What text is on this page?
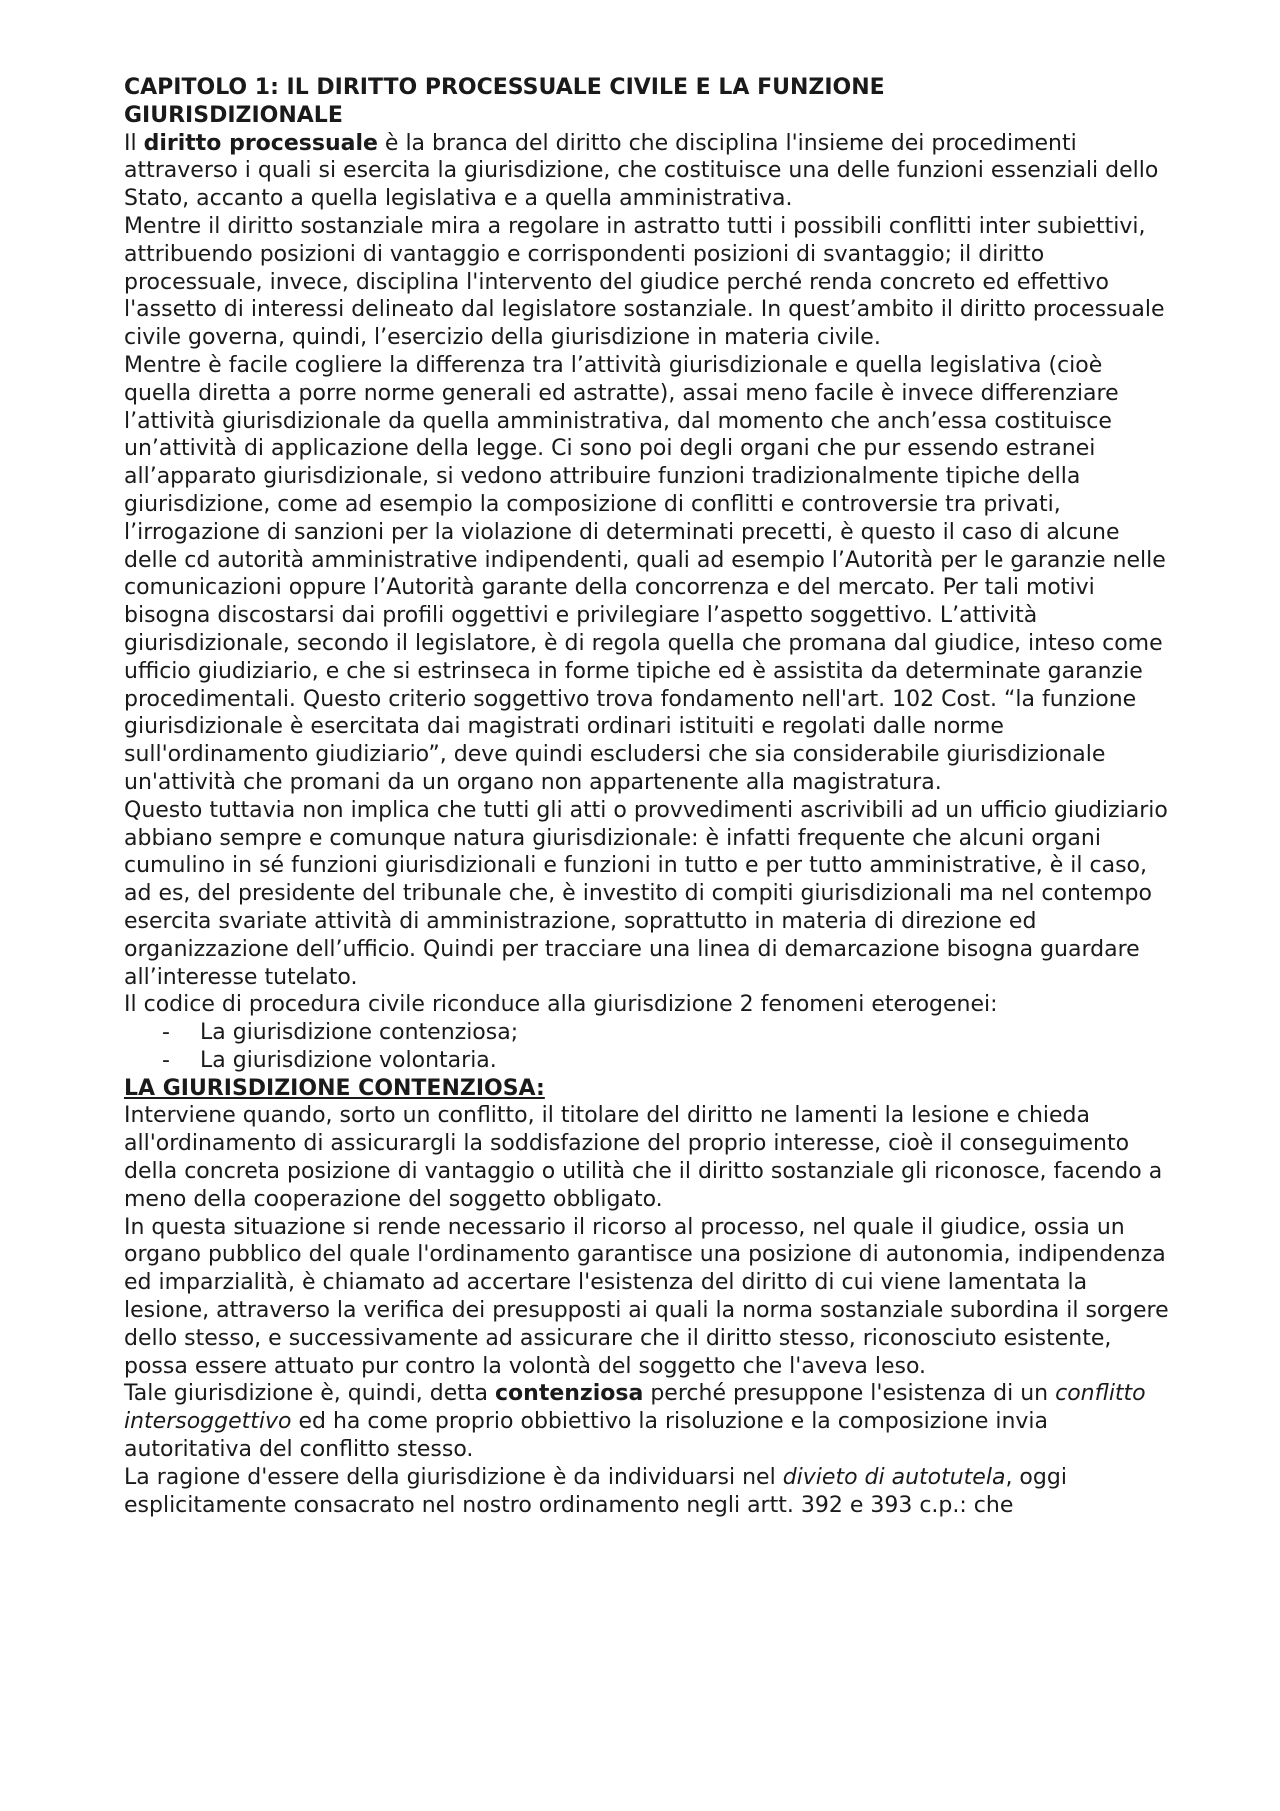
CAPITOLO 1: IL DIRITTO PROCESSUALE CIVILE E LA FUNZIONE GIURISDIZIONALE

Il diritto processuale è la branca del diritto che disciplina l'insieme dei procedimenti attraverso i quali si esercita la giurisdizione, che costituisce una delle funzioni essenziali dello Stato, accanto a quella legislativa e a quella amministrativa.

Mentre il diritto sostanziale mira a regolare in astratto tutti i possibili conflitti inter subiettivi, attribuendo posizioni di vantaggio e corrispondenti posizioni di svantaggio; il diritto processuale, invece, disciplina l'intervento del giudice perché renda concreto ed effettivo l'assetto di interessi delineato dal legislatore sostanziale. In quest’ambito il diritto processuale civile governa, quindi, l’esercizio della giurisdizione in materia civile.

Mentre è facile cogliere la differenza tra l’attività giurisdizionale e quella legislativa (cioè quella diretta a porre norme generali ed astratte), assai meno facile è invece differenziare l’attività giurisdizionale da quella amministrativa, dal momento che anch’essa costituisce un’attività di applicazione della legge. Ci sono poi degli organi che pur essendo estranei all’apparato giurisdizionale, si vedono attribuire funzioni tradizionalmente tipiche della giurisdizione, come ad esempio la composizione di conflitti e controversie tra privati, l’irrogazione di sanzioni per la violazione di determinati precetti, è questo il caso di alcune delle cd autorità amministrative indipendenti, quali ad esempio l’Autorità per le garanzie nelle comunicazioni oppure l’Autorità garante della concorrenza e del mercato. Per tali motivi bisogna discostarsi dai profili oggettivi e privilegiare l’aspetto soggettivo. L’attività giurisdizionale, secondo il legislatore, è di regola quella che promana dal giudice, inteso come ufficio giudiziario, e che si estrinseca in forme tipiche ed è assistita da determinate garanzie procedimentali. Questo criterio soggettivo trova fondamento nell'art. 102 Cost. “la funzione giurisdizionale è esercitata dai magistrati ordinari istituiti e regolati dalle norme sull'ordinamento giudiziario”, deve quindi escludersi che sia considerabile giurisdizionale un'attività che promani da un organo non appartenente alla magistratura.

Questo tuttavia non implica che tutti gli atti o provvedimenti ascrivibili ad un ufficio giudiziario abbiano sempre e comunque natura giurisdizionale: è infatti frequente che alcuni organi cumulino in sé funzioni giurisdizionali e funzioni in tutto e per tutto amministrative, è il caso, ad es, del presidente del tribunale che, è investito di compiti giurisdizionali ma nel contempo esercita svariate attività di amministrazione, soprattutto in materia di direzione ed organizzazione dell’ufficio. Quindi per tracciare una linea di demarcazione bisogna guardare all’interesse tutelato.

Il codice di procedura civile riconduce alla giurisdizione 2 fenomeni eterogenei:

- La giurisdizione contenziosa;
- La giurisdizione volontaria.

LA GIURISDIZIONE CONTENZIOSA:

Interviene quando, sorto un conflitto, il titolare del diritto ne lamenti la lesione e chieda all'ordinamento di assicurargli la soddisfazione del proprio interesse, cioè il conseguimento della concreta posizione di vantaggio o utilità che il diritto sostanziale gli riconosce, facendo a meno della cooperazione del soggetto obbligato.

In questa situazione si rende necessario il ricorso al processo, nel quale il giudice, ossia un organo pubblico del quale l'ordinamento garantisce una posizione di autonomia, indipendenza ed imparzialità, è chiamato ad accertare l'esistenza del diritto di cui viene lamentata la lesione, attraverso la verifica dei presupposti ai quali la norma sostanziale subordina il sorgere dello stesso, e successivamente ad assicurare che il diritto stesso, riconosciuto esistente, possa essere attuato pur contro la volontà del soggetto che l'aveva leso.

Tale giurisdizione è, quindi, detta contenziosa perché presuppone l'esistenza di un conflitto intersoggettivo ed ha come proprio obbiettivo la risoluzione e la composizione invia autoritativa del conflitto stesso.

La ragione d'essere della giurisdizione è da individuarsi nel divieto di autotutela, oggi esplicitamente consacrato nel nostro ordinamento negli artt. 392 e 393 c.p.: che
